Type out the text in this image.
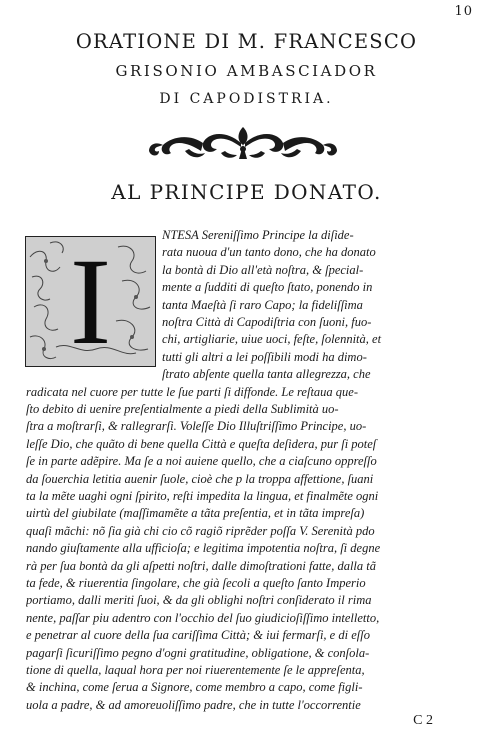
10
ORATIONE DI M. FRANCESCO
GRISONIO AMBASCIADOR
DI CAPODISTRIA.
AL PRINCIPE DONATO.
I	NTESA Sereniſſimo Principe la diſide-
rata nuoua d'un tanto dono, che ha donato
la bontà di Dio all'età noſtra, & ſpecial-
mente a ſudditi di queſto ſtato, ponendo in
tanta Maeſtà ſi raro Capo; la fideliſſima
noſtra Città di Capodiſtria con ſuoni, fuo-
chi, artigliarie, uiue uoci, feſte, ſolennità, et
tutti gli altri a lei poſſibili modi ha dimo-
ſtrato abſente quella tanta allegrezza, che
radicata nel cuore per tutte le ſue parti ſi diffonde. Le reſtaua que-
ſto debito di uenire preſentialmente a piedi della Sublimità uo-
ſtra a moſtrarſi, & rallegrarſi. Voleſſe Dio Illuſtriſſimo Principe, uo-
leſſe Dio, che quãto di bene quella Città e queſta deſidera, pur ſi poteſ
ſe in parte adẽpire. Ma ſe a noi auiene quello, che a ciaſcuno oppreſſo
da ſouerchia letitia auenir ſuole, cioè che p la troppa affettione, ſuani
ta la mẽte uaghi ogni ſpirito, reſti impedita la lingua, et finalmẽte ogni
uirtù del giubilate (maſſimamẽte a tãta preſentia, et in tãta impreſa)
quaſi mãchi: nõ ſia già chi cio cõ ragiõ riprẽder poſſa V. Serenità pdo
nando giuſtamente alla ufficioſa; e legitima impotentia noſtra, ſi degne
rà per ſua bontà da gli aſpetti noſtri, dalle dimoſtrationi fatte, dalla tã
ta fede, & riuerentia ſingolare, che già ſecoli a queſto ſanto Imperio
portiamo, dalli meriti ſuoi, & da gli oblighi noſtri conſiderato il rima
nente, paſſar piu adentro con l'occhio del ſuo giudicioſiſſimo intelletto,
e penetrar al cuore della ſua cariſſima Città; & iui fermarſi, e di eſſo
pagarſi ſicuriſſimo pegno d'ogni gratitudine, obligatione, & conſola-
tione di quella, laqual hora per noi riuerentemente ſe le appreſenta,
& inchina, come ſerua a Signore, come membro a capo, come figli-
uola a padre, & ad amoreuoliſſimo padre, che in tutte l'occorrentie
C 2
